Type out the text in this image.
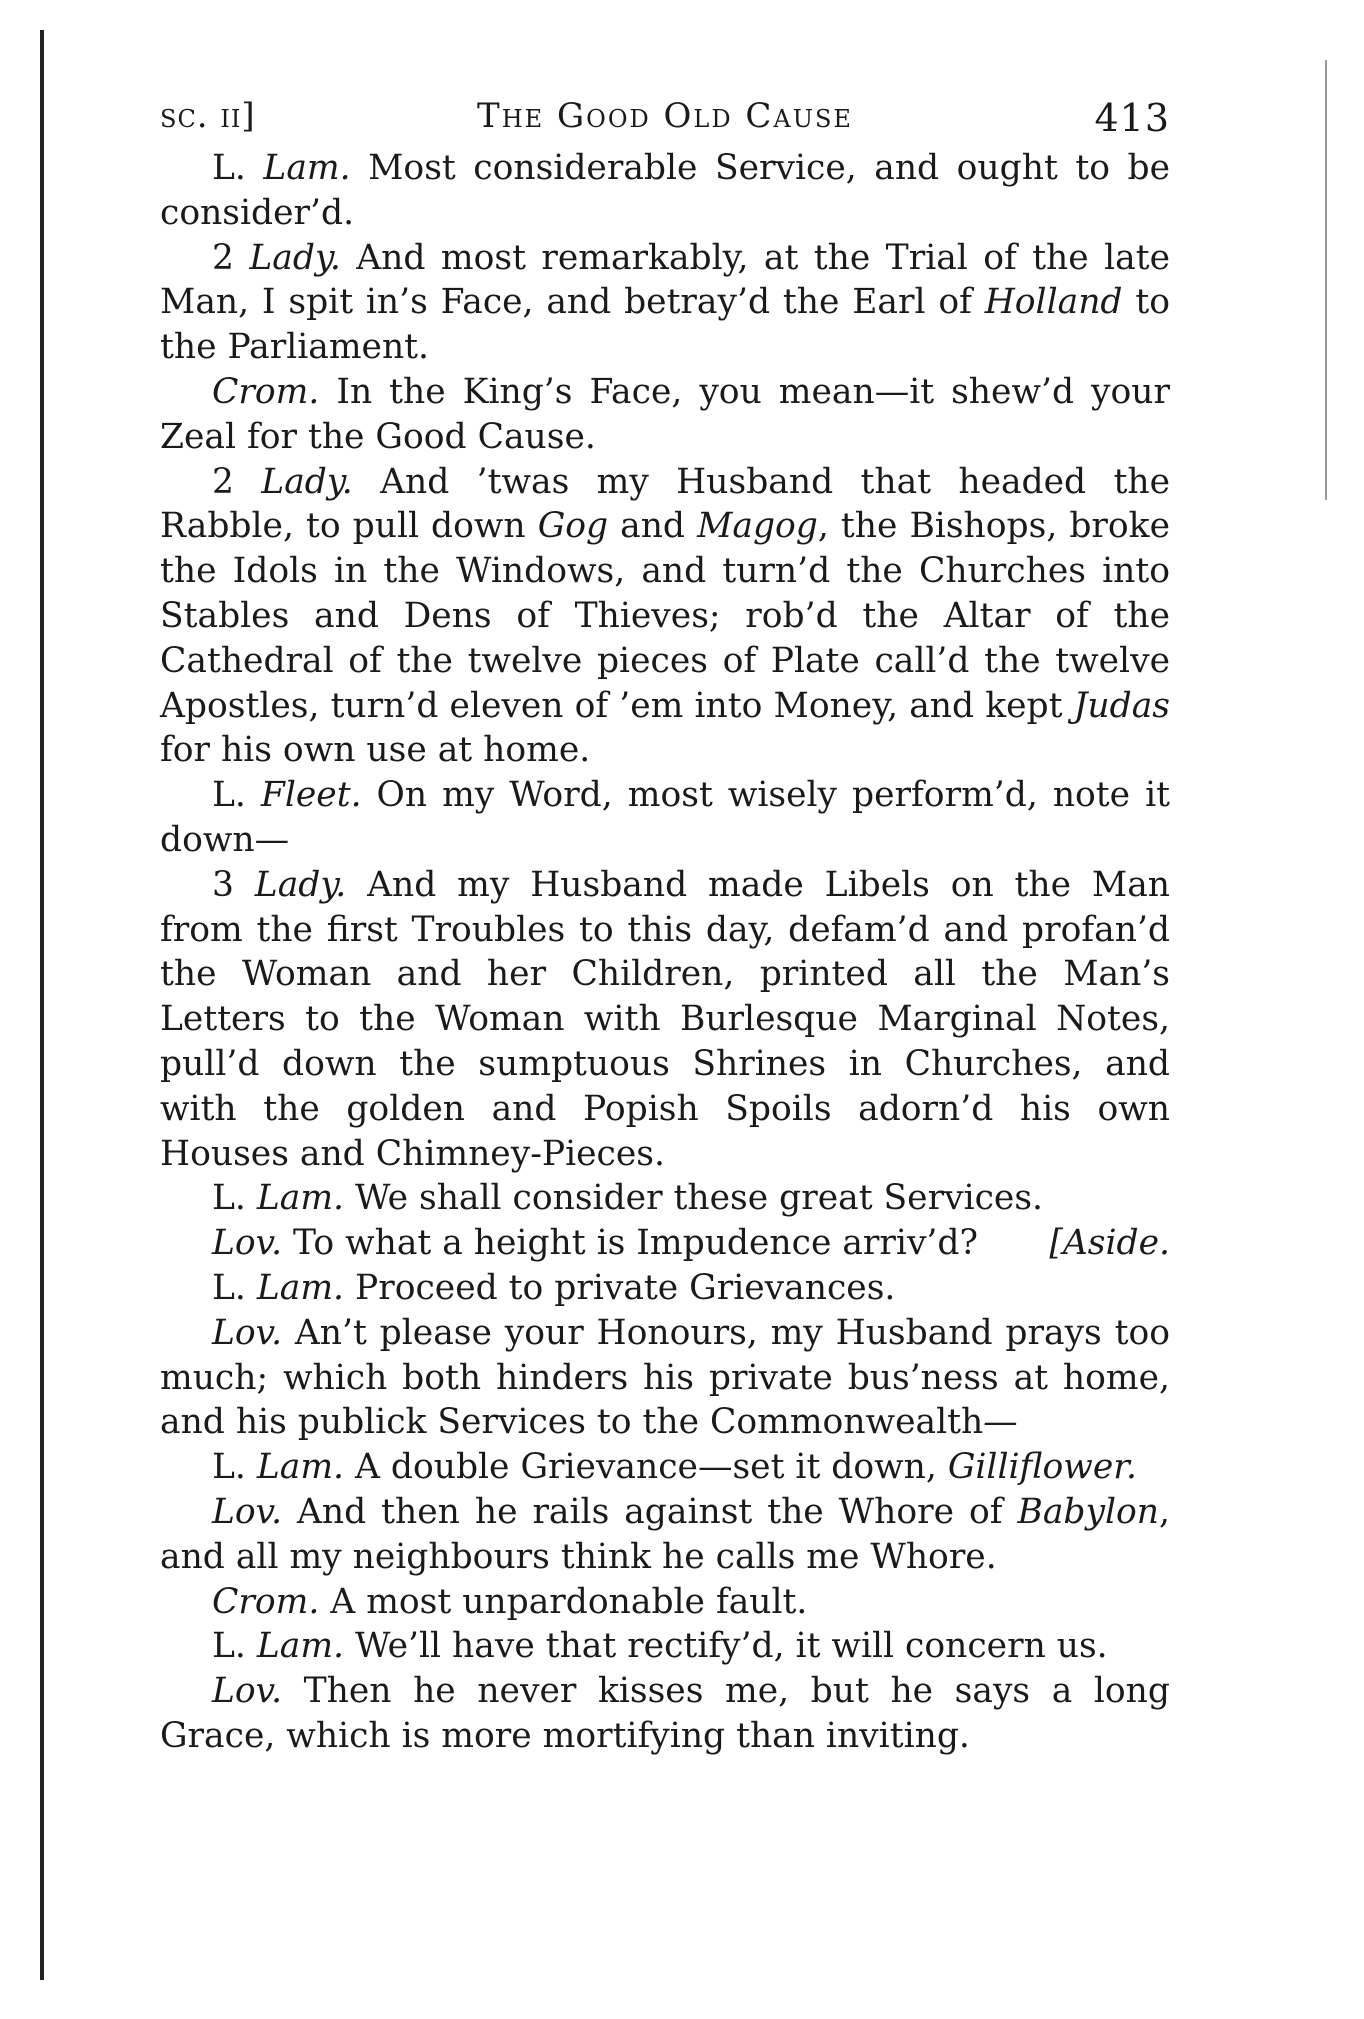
sc. ii]	The Good Old Cause	413

L. Lam. Most considerable Service, and ought to be consider’d.

2 Lady. And most remarkably, at the Trial of the late Man, I spit in’s Face, and betray’d the Earl of Holland to the Parliament.

Crom. In the King’s Face, you mean—it shew’d your Zeal for the Good Cause.

2 Lady. And ’twas my Husband that headed the Rabble, to pull down Gog and Magog, the Bishops, broke the Idols in the Windows, and turn’d the Churches into Stables and Dens of Thieves; rob’d the Altar of the Cathedral of the twelve pieces of Plate call’d the twelve Apostles, turn’d eleven of ’em into Money, and kept Judas for his own use at home.

L. Fleet. On my Word, most wisely perform’d, note it down—

3 Lady. And my Husband made Libels on the Man from the first Troubles to this day, defam’d and profan’d the Woman and her Children, printed all the Man’s Letters to the Woman with Burlesque Marginal Notes, pull’d down the sumptuous Shrines in Churches, and with the golden and Popish Spoils adorn’d his own Houses and Chimney-Pieces.

L. Lam. We shall consider these great Services.

Lov. To what a height is Impudence arriv’d?	[Aside.

L. Lam. Proceed to private Grievances.

Lov. An’t please your Honours, my Husband prays too much; which both hinders his private bus’ness at home, and his publick Services to the Commonwealth—

L. Lam. A double Grievance—set it down, Gilliflower.

Lov. And then he rails against the Whore of Babylon, and all my neighbours think he calls me Whore.

Crom. A most unpardonable fault.

L. Lam. We’ll have that rectify’d, it will concern us.

Lov. Then he never kisses me, but he says a long Grace, which is more mortifying than inviting.
